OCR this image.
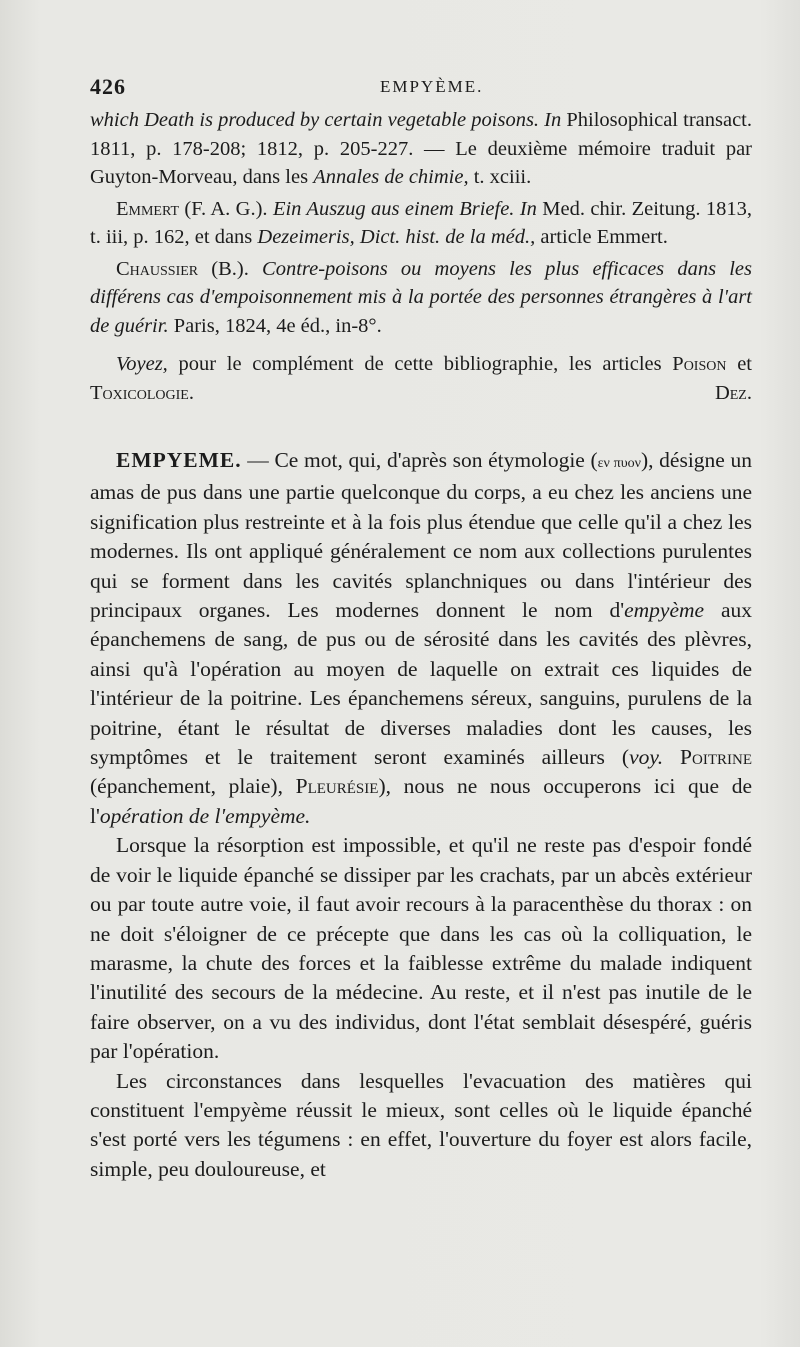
426	EMPYÈME.

which Death is produced by certain vegetable poisons. In Philosophical transact. 1811, p. 178-208; 1812, p. 205-227. — Le deuxième mémoire traduit par Guyton-Morveau, dans les Annales de chimie, t. xciii.

Emmert (F. A. G.). Ein Auszug aus einem Briefe. In Med. chir. Zeitung. 1813, t. iii, p. 162, et dans Dezeimeris, Dict. hist. de la méd., article Emmert.

Chaussier (B.). Contre-poisons ou moyens les plus efficaces dans les différens cas d'empoisonnement mis à la portée des personnes étrangères à l'art de guérir. Paris, 1824, 4e éd., in-8°.

Voyez, pour le complément de cette bibliographie, les articles Poison et Toxicologie.	Dez.

EMPYEME. — Ce mot, qui, d'après son étymologie (εν πυον), désigne un amas de pus dans une partie quelconque du corps, a eu chez les anciens une signification plus restreinte et à la fois plus étendue que celle qu'il a chez les modernes. Ils ont appliqué généralement ce nom aux collections purulentes qui se forment dans les cavités splanchniques ou dans l'intérieur des principaux organes. Les modernes donnent le nom d'empyème aux épanchemens de sang, de pus ou de sérosité dans les cavités des plèvres, ainsi qu'à l'opération au moyen de laquelle on extrait ces liquides de l'intérieur de la poitrine. Les épanchemens séreux, sanguins, purulens de la poitrine, étant le résultat de diverses maladies dont les causes, les symptômes et le traitement seront examinés ailleurs (voy. Poitrine (épanchement, plaie), Pleurésie), nous ne nous occuperons ici que de l'opération de l'empyème.

Lorsque la résorption est impossible, et qu'il ne reste pas d'espoir fondé de voir le liquide épanché se dissiper par les crachats, par un abcès extérieur ou par toute autre voie, il faut avoir recours à la paracenthèse du thorax : on ne doit s'éloigner de ce précepte que dans les cas où la colliquation, le marasme, la chute des forces et la faiblesse extrême du malade indiquent l'inutilité des secours de la médecine. Au reste, et il n'est pas inutile de le faire observer, on a vu des individus, dont l'état semblait désespéré, guéris par l'opération.

Les circonstances dans lesquelles l'evacuation des matières qui constituent l'empyème réussit le mieux, sont celles où le liquide épanché s'est porté vers les tégumens : en effet, l'ouverture du foyer est alors facile, simple, peu douloureuse, et
